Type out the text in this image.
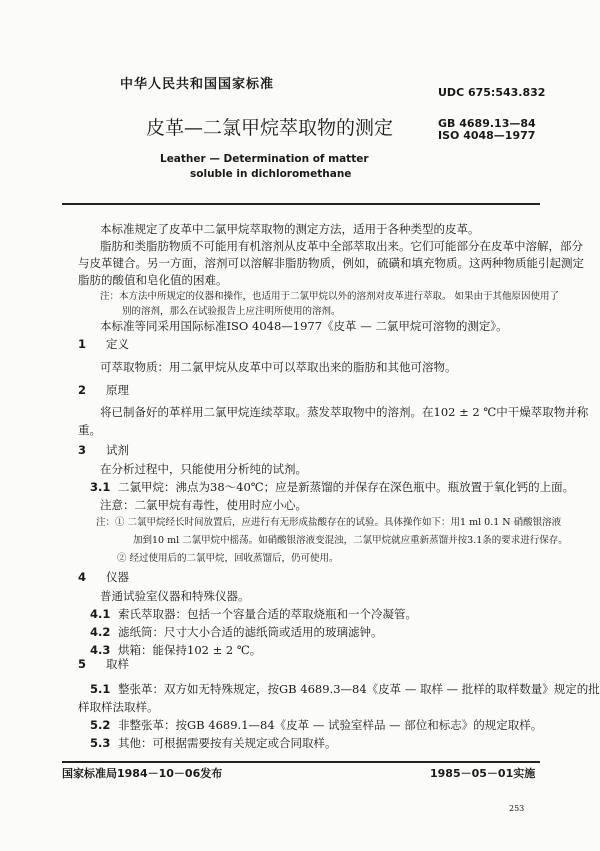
中华人民共和国国家标准
UDC 675:543.832
皮革—二氯甲烷萃取物的测定	GB 4689.13—84
ISO 4048—1977
Leather — Determination of matter
soluble in dichloromethane
本标准规定了皮革中二氯甲烷萃取物的测定方法，适用于各种类型的皮革。
脂肪和类脂肪物质不可能用有机溶剂从皮革中全部萃取出来。它们可能部分在皮革中溶解，部分
与皮革键合。另一方面，溶剂可以溶解非脂肪物质，例如，硫磺和填充物质。这两种物质能引起测定
脂肪的酸值和皂化值的困难。
注：本方法中所规定的仪器和操作，也适用于二氯甲烷以外的溶剂对皮革进行萃取。 如果由于其他原因使用了
别的溶剂，那么在试验报告上应注明所使用的溶剂。
本标准等同采用国际标准ISO 4048—1977《皮革 — 二氯甲烷可溶物的测定》。
1 定义
可萃取物质：用二氯甲烷从皮革中可以萃取出来的脂肪和其他可溶物。
2 原理
将已制备好的革样用二氯甲烷连续萃取。蒸发萃取物中的溶剂。在102 ± 2 ℃中干燥萃取物并称
重。
3 试剂
在分析过程中，只能使用分析纯的试剂。
3.1 二氯甲烷：沸点为38～40℃；应是新蒸馏的并保存在深色瓶中。瓶放置于氧化钙的上面。
注意：二氯甲烷有毒性，使用时应小心。
注：① 二氯甲烷经长时间放置后，应进行有无形成盐酸存在的试验。具体操作如下：用1 ml 0.1 N 硝酸银溶液
加到10 ml 二氯甲烷中摇荡。如硝酸银溶液变混浊，二氯甲烷就应重新蒸馏并按3.1条的要求进行保存。
② 经过使用后的二氯甲烷，回收蒸馏后，仍可使用。
4 仪器
普通试验室仪器和特殊仪器。
4.1 索氏萃取器：包括一个容量合适的萃取烧瓶和一个冷凝管。
4.2 滤纸筒：尺寸大小合适的滤纸筒或适用的玻璃滤钟。
4.3 烘箱：能保持102 ± 2 ℃。
5 取样
5.1 整张革：双方如无特殊规定，按GB 4689.3—84《皮革 — 取样 — 批样的取样数量》规定的批
样取样法取样。
5.2 非整张革：按GB 4689.1—84《皮革 — 试验室样品 — 部位和标志》的规定取样。
5.3 其他：可根据需要按有关规定或合同取样。
国家标准局1984－10－06发布	1985－05－01实施
253
